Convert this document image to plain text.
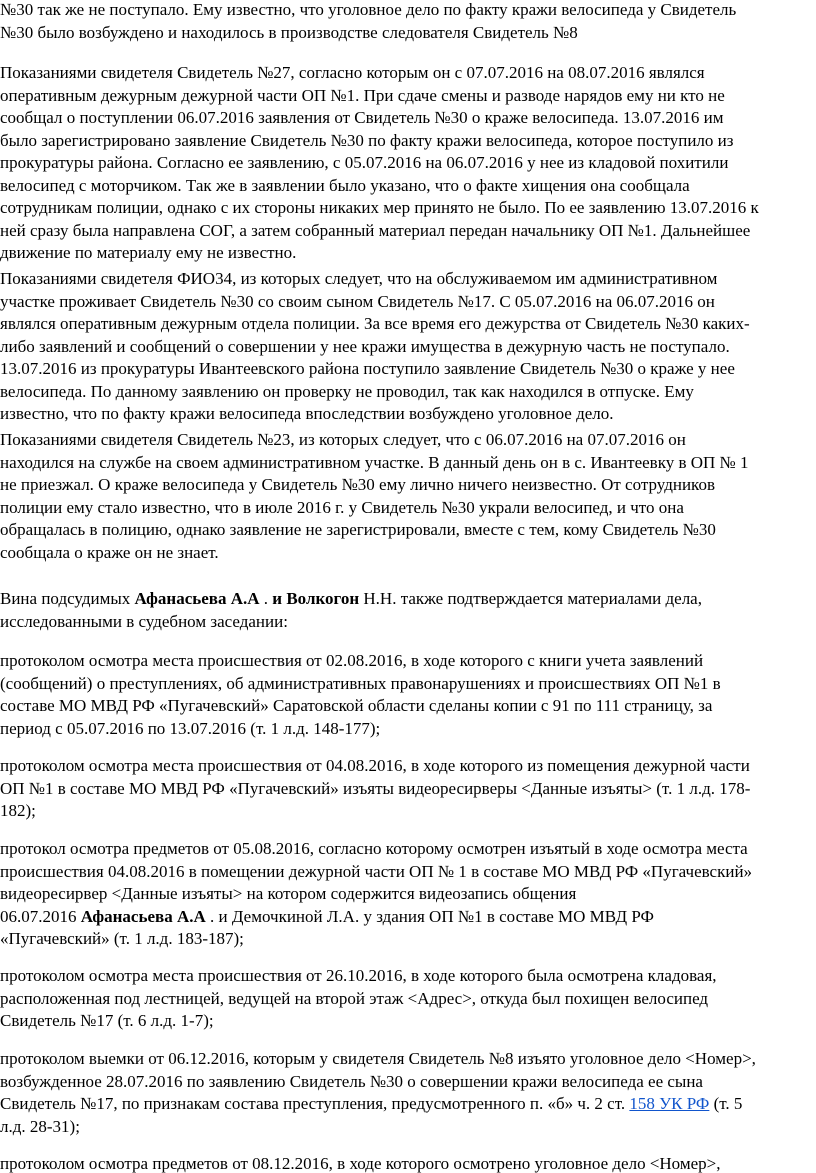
№30 так же не поступало. Ему известно, что уголовное дело по факту кражи велосипеда у Свидетель
№30 было возбуждено и находилось в производстве следователя Свидетель №8

Показаниями свидетеля Свидетель №27, согласно которым он с 07.07.2016 на 08.07.2016 являлся
оперативным дежурным дежурной части ОП №1. При сдаче смены и разводе нарядов ему ни кто не
сообщал о поступлении 06.07.2016 заявления от Свидетель №30 о краже велосипеда. 13.07.2016 им
было зарегистрировано заявление Свидетель №30 по факту кражи велосипеда, которое поступило из
прокуратуры района. Согласно ее заявлению, с 05.07.2016 на 06.07.2016 у нее из кладовой похитили
велосипед с моторчиком. Так же в заявлении было указано, что о факте хищения она сообщала
сотрудникам полиции, однако с их стороны никаких мер принято не было. По ее заявлению 13.07.2016 к
ней сразу была направлена СОГ, а затем собранный материал передан начальнику ОП №1. Дальнейшее
движение по материалу ему не известно.

Показаниями свидетеля ФИО34, из которых следует, что на обслуживаемом им административном
участке проживает Свидетель №30 со своим сыном Свидетель №17. С 05.07.2016 на 06.07.2016 он
являлся оперативным дежурным отдела полиции. За все время его дежурства от Свидетель №30 каких-
либо заявлений и сообщений о совершении у нее кражи имущества в дежурную часть не поступало.
13.07.2016 из прокуратуры Ивантеевского района поступило заявление Свидетель №30 о краже у нее
велосипеда. По данному заявлению он проверку не проводил, так как находился в отпуске. Ему
известно, что по факту кражи велосипеда впоследствии возбуждено уголовное дело.

Показаниями свидетеля Свидетель №23, из которых следует, что с 06.07.2016 на 07.07.2016 он
находился на службе на своем административном участке. В данный день он в с. Ивантеевку в ОП № 1
не приезжал. О краже велосипеда у Свидетель №30 ему лично ничего неизвестно. От сотрудников
полиции ему стало известно, что в июле 2016 г. у Свидетель №30 украли велосипед, и что она
обращалась в полицию, однако заявление не зарегистрировали, вместе с тем, кому Свидетель №30
сообщала о краже он не знает.

Вина подсудимых Афанасьева А.А . и Волкогон Н.Н. также подтверждается материалами дела,
исследованными в судебном заседании:

протоколом осмотра места происшествия от 02.08.2016, в ходе которого с книги учета заявлений
(сообщений) о преступлениях, об административных правонарушениях и происшествиях ОП №1 в
составе МО МВД РФ «Пугачевский» Саратовской области сделаны копии с 91 по 111 страницу, за
период с 05.07.2016 по 13.07.2016 (т. 1 л.д. 148-177);

протоколом осмотра места происшествия от 04.08.2016, в ходе которого из помещения дежурной части
ОП №1 в составе МО МВД РФ «Пугачевский» изъяты видеоресирверы <Данные изъяты> (т. 1 л.д. 178-
182);

протокол осмотра предметов от 05.08.2016, согласно которому осмотрен изъятый в ходе осмотра места
происшествия 04.08.2016 в помещении дежурной части ОП № 1 в составе МО МВД РФ «Пугачевский»
видеоресирвер <Данные изъяты> на котором содержится видеозапись общения
06.07.2016 Афанасьева А.А . и Демочкиной Л.А. у здания ОП №1 в составе МО МВД РФ
«Пугачевский» (т. 1 л.д. 183-187);

протоколом осмотра места происшествия от 26.10.2016, в ходе которого была осмотрена кладовая,
расположенная под лестницей, ведущей на второй этаж <Адрес>, откуда был похищен велосипед
Свидетель №17 (т. 6 л.д. 1-7);

протоколом выемки от 06.12.2016, которым у свидетеля Свидетель №8 изъято уголовное дело <Номер>,
возбужденное 28.07.2016 по заявлению Свидетель №30 о совершении кражи велосипеда ее сына
Свидетель №17, по признакам состава преступления, предусмотренного п. «б» ч. 2 ст. 158 УК РФ (т. 5
л.д. 28-31);

протоколом осмотра предметов от 08.12.2016, в ходе которого осмотрено уголовное дело <Номер>,
